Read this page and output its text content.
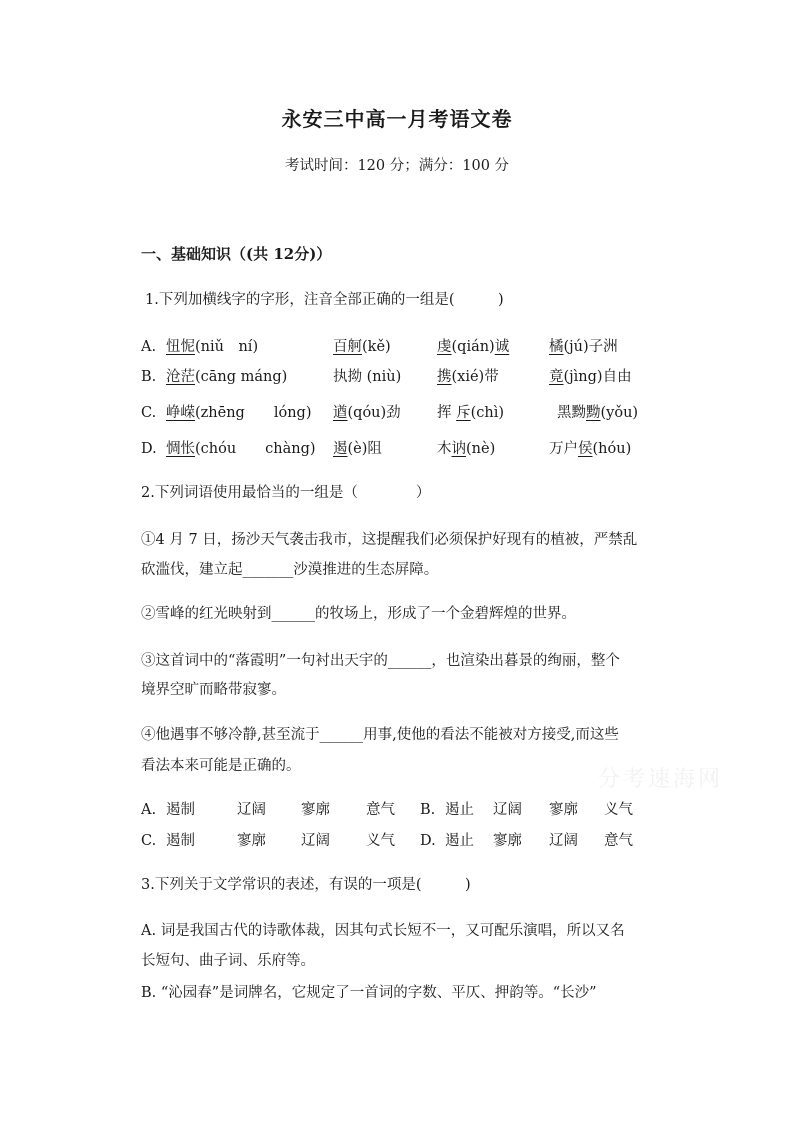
永安三中高一月考语文卷
考试时间：120 分；满分：100 分
一、基础知识（(共 12分)）
1.下列加横线字的字形，注音全部正确的一组是(　　　)
A. 忸怩(niǔ　ní)	百舸(kě)	虔(qián)诚	橘(jú)子洲
B. 沧茫(cāng máng)	执拗 (niù) 携(xié)带	竟(jìng)自由
C. 峥嵘(zhēng　　lóng) 遒(qóu)劲	挥 斥(chì)	黑黝黝(yǒu)
D. 惆怅(chóu　　chàng) 遏(è)阻	木讷(nè)	万户侯(hóu)
2.下列词语使用最恰当的一组是（　　　　）
①4 月 7 日，扬沙天气袭击我市，这提醒我们必须保护好现有的植被，严禁乱
砍滥伐，建立起_______沙漠推进的生态屏障。
②雪峰的红光映射到______的牧场上，形成了一个金碧辉煌的世界。
③这首词中的“落霞明”一句衬出天宇的______，也渲染出暮景的绚丽，整个
境界空旷而略带寂寥。
④他遇事不够冷静,甚至流于______用事,使他的看法不能被对方接受,而这些
看法本来可能是正确的。
A. 遏制	辽阔 寥廓 意气 B. 遏止 辽阔 寥廓 义气
C. 遏制	寥廓 辽阔 义气 D. 遏止 寥廓 辽阔 意气
3.下列关于文学常识的表述，有误的一项是(　　　)
A. 词是我国古代的诗歌体裁，因其句式长短不一，又可配乐演唱，所以又名
长短句、曲子词、乐府等。
B. “沁园春”是词牌名，它规定了一首词的字数、平仄、押韵等。“长沙”
分考速海网
